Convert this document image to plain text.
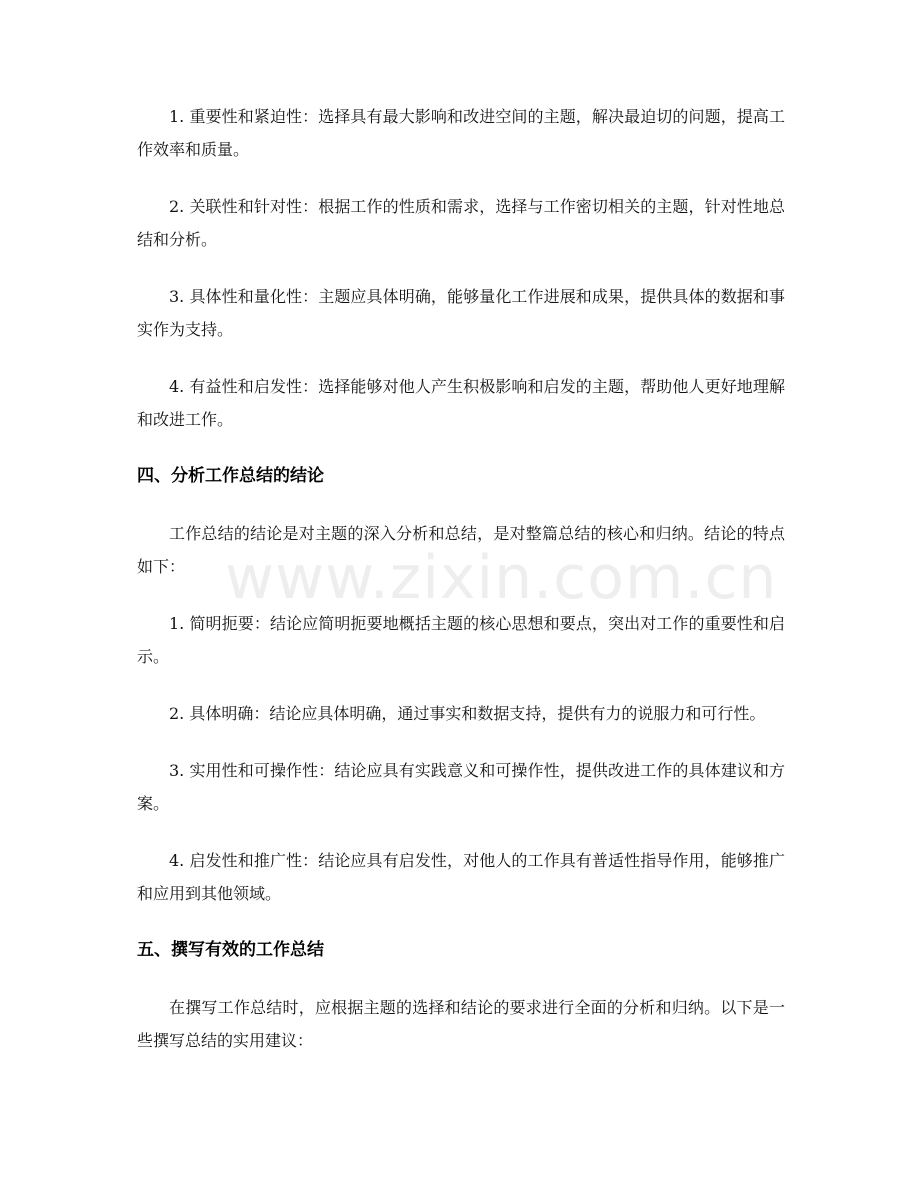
www.zixin.com.cn

1. 重要性和紧迫性：选择具有最大影响和改进空间的主题，解决最迫切的问题，提高工作效率和质量。

2. 关联性和针对性：根据工作的性质和需求，选择与工作密切相关的主题，针对性地总结和分析。

3. 具体性和量化性：主题应具体明确，能够量化工作进展和成果，提供具体的数据和事实作为支持。

4. 有益性和启发性：选择能够对他人产生积极影响和启发的主题，帮助他人更好地理解和改进工作。

四、分析工作总结的结论

工作总结的结论是对主题的深入分析和总结，是对整篇总结的核心和归纳。结论的特点如下：

1. 简明扼要：结论应简明扼要地概括主题的核心思想和要点，突出对工作的重要性和启示。

2. 具体明确：结论应具体明确，通过事实和数据支持，提供有力的说服力和可行性。

3. 实用性和可操作性：结论应具有实践意义和可操作性，提供改进工作的具体建议和方案。

4. 启发性和推广性：结论应具有启发性，对他人的工作具有普适性指导作用，能够推广和应用到其他领域。

五、撰写有效的工作总结

在撰写工作总结时，应根据主题的选择和结论的要求进行全面的分析和归纳。以下是一些撰写总结的实用建议：
